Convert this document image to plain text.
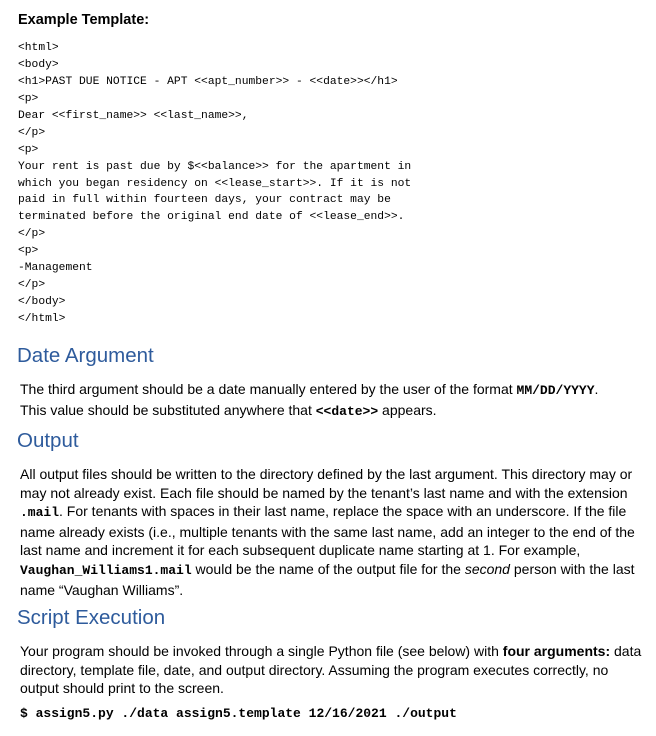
Example Template:
<html>
<body>
<h1>PAST DUE NOTICE - APT <<apt_number>> - <<date>></h1>
<p>
Dear <<first_name>> <<last_name>>,
</p>
<p>
Your rent is past due by $<<balance>> for the apartment in
which you began residency on <<lease_start>>. If it is not
paid in full within fourteen days, your contract may be
terminated before the original end date of <<lease_end>>.
</p>
<p>
-Management
</p>
</body>
</html>
Date Argument

The third argument should be a date manually entered by the user of the format MM/DD/YYYY.
This value should be substituted anywhere that <<date>> appears.

Output

All output files should be written to the directory defined by the last argument. This directory may or may not already exist. Each file should be named by the tenant’s last name and with the extension .mail. For tenants with spaces in their last name, replace the space with an underscore. If the file name already exists (i.e., multiple tenants with the same last name, add an integer to the end of the last name and increment it for each subsequent duplicate name starting at 1. For example, Vaughan_Williams1.mail would be the name of the output file for the second person with the last name “Vaughan Williams”.

Script Execution

Your program should be invoked through a single Python file (see below) with four arguments: data directory, template file, date, and output directory. Assuming the program executes correctly, no output should print to the screen.

$ assign5.py ./data assign5.template 12/16/2021 ./output
